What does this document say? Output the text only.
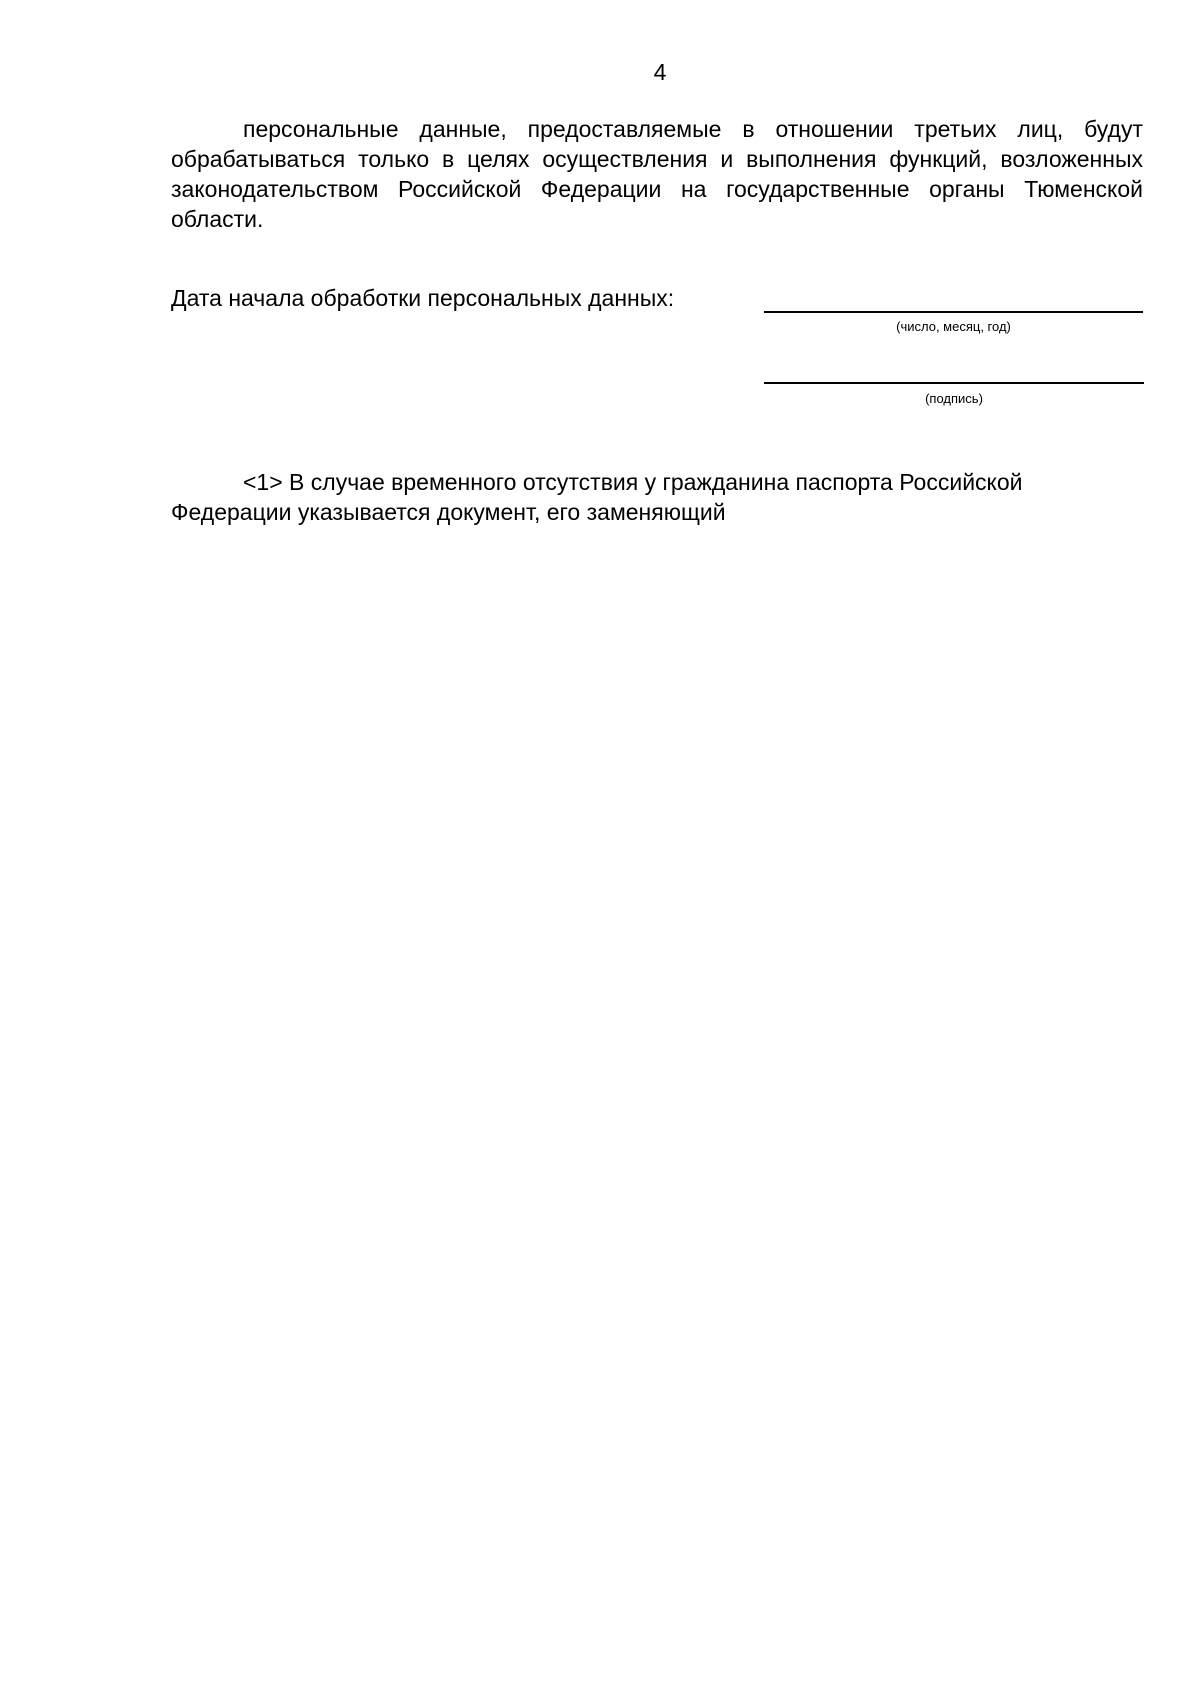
4

персональные данные, предоставляемые в отношении третьих лиц, будут обрабатываться только в целях осуществления и выполнения функций, возложенных законодательством Российской Федерации на государственные органы Тюменской области.

Дата начала обработки персональных данных:
(число, месяц, год)
(подпись)

<1> В случае временного отсутствия у гражданина паспорта Российской Федерации указывается документ, его заменяющий
